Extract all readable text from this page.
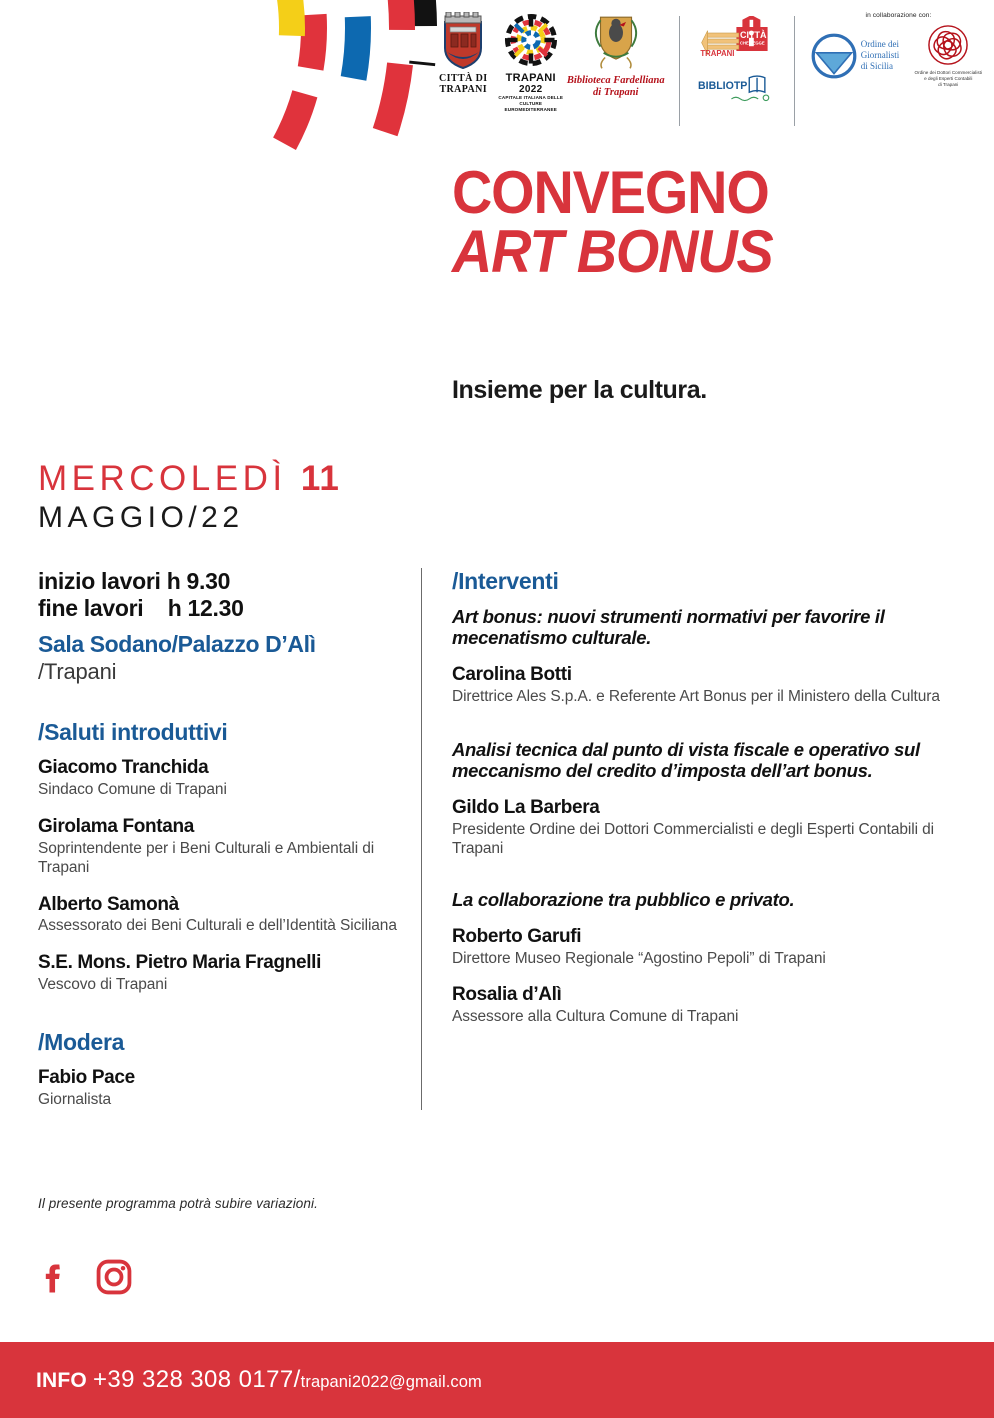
CITTÀ DI
TRAPANI
TRAPANI
2022
CAPITALE ITALIANA DELLE CULTURE EUROMEDITERRANEE
Biblioteca Fardelliana
di Trapani
TRAPANI
CITTÀ
CHE LEGGE
BIBLIOTP
in collaborazione con:
Ordine dei
Giornalisti
di Sicilia
Ordine dei Dottori Commercialisti
e degli Esperti Contabili
di Trapani
CONVEGNO
ART BONUS
Insieme per la cultura.
MERCOLEDÌ 11
MAGGIO/22
inizio lavori h 9.30
fine lavori    h 12.30
Sala Sodano/Palazzo D’Alì
/Trapani
/Saluti introduttivi
Giacomo Tranchida
Sindaco Comune di Trapani
Girolama Fontana
Soprintendente per i Beni Culturali e Ambientali di Trapani
Alberto Samonà
Assessorato dei Beni Culturali e dell’Identità Siciliana
S.E. Mons. Pietro Maria Fragnelli
Vescovo di Trapani
/Modera
Fabio Pace
Giornalista
/Interventi
Art bonus: nuovi strumenti normativi per favorire il mecenatismo culturale.
Carolina Botti
Direttrice Ales S.p.A. e Referente Art Bonus per il Ministero della Cultura
Analisi tecnica dal punto di vista fiscale e operativo sul meccanismo del credito d’imposta dell’art bonus.
Gildo La Barbera
Presidente Ordine dei Dottori Commercialisti e degli Esperti Contabili di Trapani
La collaborazione tra pubblico e privato.
Roberto Garufi
Direttore Museo Regionale “Agostino Pepoli” di Trapani
Rosalia d’Alì
Assessore alla Cultura Comune di Trapani
Il presente programma potrà subire variazioni.
INFO +39 328 308 0177/trapani2022@gmail.com
